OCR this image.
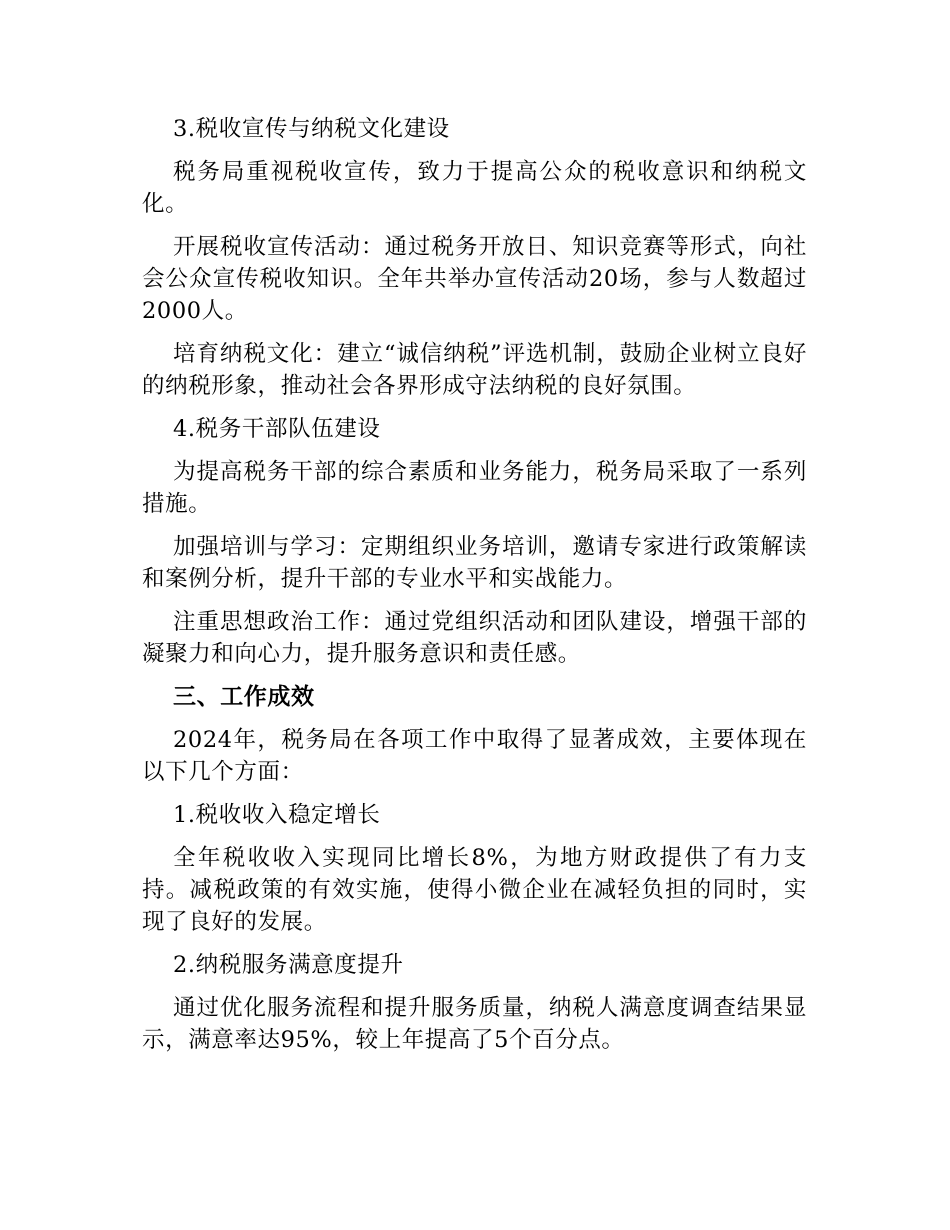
3.税收宣传与纳税文化建设

税务局重视税收宣传，致力于提高公众的税收意识和纳税文化。

开展税收宣传活动：通过税务开放日、知识竞赛等形式，向社会公众宣传税收知识。全年共举办宣传活动20场，参与人数超过2000人。

培育纳税文化：建立“诚信纳税”评选机制，鼓励企业树立良好的纳税形象，推动社会各界形成守法纳税的良好氛围。

4.税务干部队伍建设

为提高税务干部的综合素质和业务能力，税务局采取了一系列措施。

加强培训与学习：定期组织业务培训，邀请专家进行政策解读和案例分析，提升干部的专业水平和实战能力。

注重思想政治工作：通过党组织活动和团队建设，增强干部的凝聚力和向心力，提升服务意识和责任感。

三、工作成效

2024年，税务局在各项工作中取得了显著成效，主要体现在以下几个方面：

1.税收收入稳定增长

全年税收收入实现同比增长8%，为地方财政提供了有力支持。减税政策的有效实施，使得小微企业在减轻负担的同时，实现了良好的发展。

2.纳税服务满意度提升

通过优化服务流程和提升服务质量，纳税人满意度调查结果显示，满意率达95%，较上年提高了5个百分点。
